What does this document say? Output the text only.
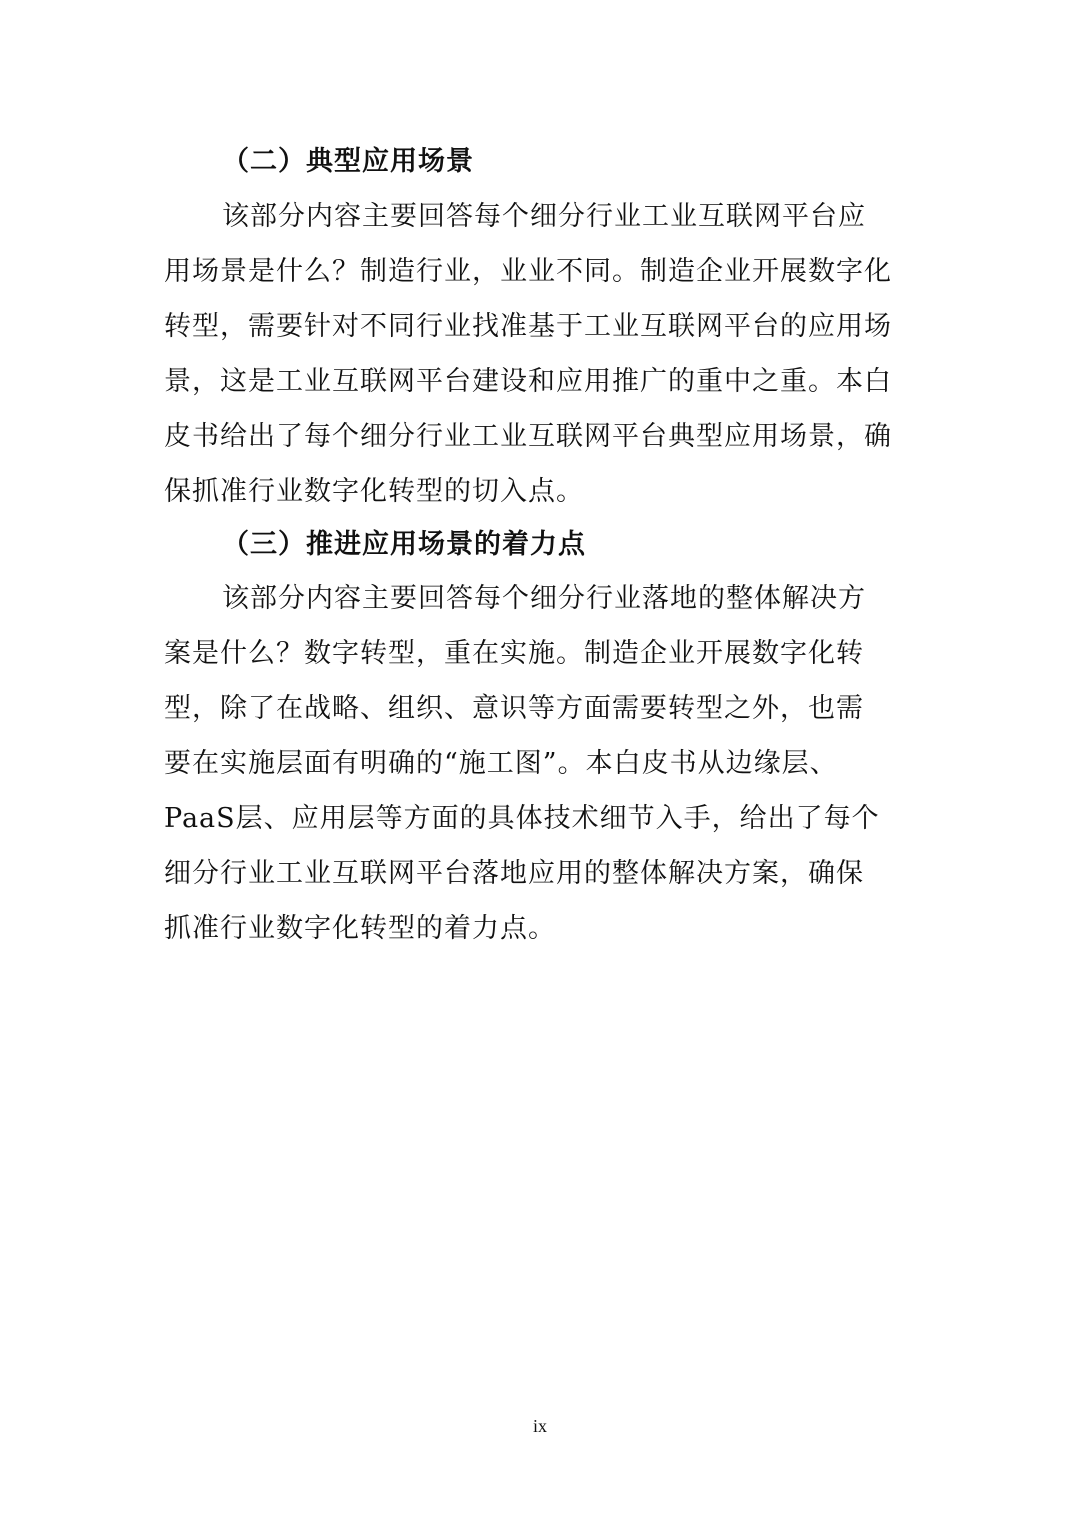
（二）典型应用场景
该部分内容主要回答每个细分行业工业互联网平台应
用场景是什么？制造行业，业业不同。制造企业开展数字化
转型，需要针对不同行业找准基于工业互联网平台的应用场
景，这是工业互联网平台建设和应用推广的重中之重。本白
皮书给出了每个细分行业工业互联网平台典型应用场景，确
保抓准行业数字化转型的切入点。
（三）推进应用场景的着力点
该部分内容主要回答每个细分行业落地的整体解决方
案是什么？数字转型，重在实施。制造企业开展数字化转
型，除了在战略、组织、意识等方面需要转型之外，也需
要在实施层面有明确的“施工图”。本白皮书从边缘层、
PaaS层、应用层等方面的具体技术细节入手，给出了每个
细分行业工业互联网平台落地应用的整体解决方案，确保
抓准行业数字化转型的着力点。
ix
